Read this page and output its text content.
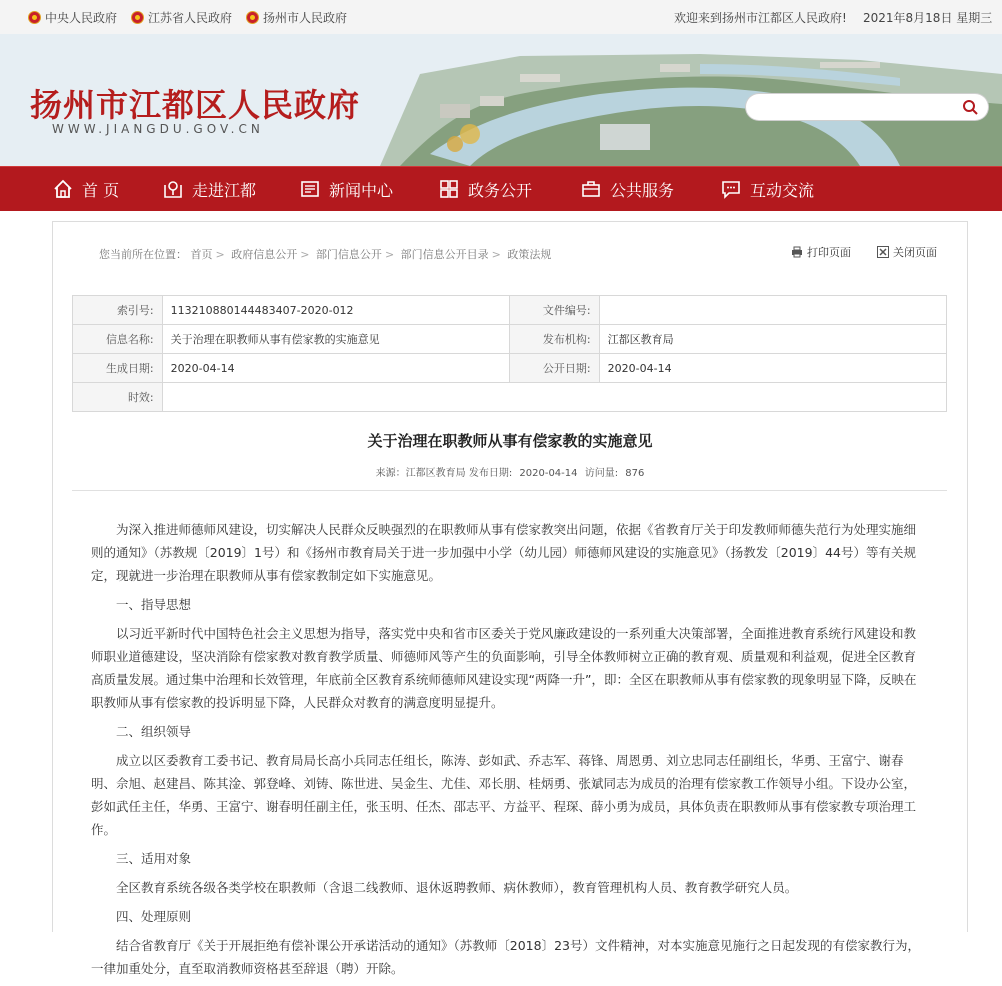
中央人民政府	江苏省人民政府	扬州市人民政府	欢迎来到扬州市江都区人民政府! 2021年8月18日 星期三
扬州市江都区人民政府
WWW.JIANGDU.GOV.CN
首 页	走进江都	新闻中心	政务公开	公共服务	互动交流
您当前所在位置： 首页 > 政府信息公开 > 部门信息公开 > 部门信息公开目录 > 政策法规	打印页面	关闭页面
索引号:	113210880144483407-2020-012	文件编号:	
信息名称:	关于治理在职教师从事有偿家教的实施意见	发布机构:	江都区教育局
生成日期:	2020-04-14	公开日期:	2020-04-14
时效:			
关于治理在职教师从事有偿家教的实施意见
来源：江都区教育局 发布日期: 2020-04-14 访问量: 876

为深入推进师德师风建设，切实解决人民群众反映强烈的在职教师从事有偿家教突出问题，依据《省教育厅关于印发教师师德失范行为处理实施细则的通知》（苏教规〔2019〕1号）和《扬州市教育局关于进一步加强中小学（幼儿园）师德师风建设的实施意见》（扬教发〔2019〕44号）等有关规定，现就进一步治理在职教师从事有偿家教制定如下实施意见。

一、指导思想

以习近平新时代中国特色社会主义思想为指导，落实党中央和省市区委关于党风廉政建设的一系列重大决策部署，全面推进教育系统行风建设和教师职业道德建设，坚决消除有偿家教对教育教学质量、师德师风等产生的负面影响，引导全体教师树立正确的教育观、质量观和利益观，促进全区教育高质量发展。通过集中治理和长效管理，年底前全区教育系统师德师风建设实现“两降一升”，即：全区在职教师从事有偿家教的现象明显下降，反映在职教师从事有偿家教的投诉明显下降，人民群众对教育的满意度明显提升。

二、组织领导

成立以区委教育工委书记、教育局局长高小兵同志任组长，陈涛、彭如武、乔志军、蒋锋、周恩勇、刘立忠同志任副组长，华勇、王富宁、谢春明、佘旭、赵建昌、陈其淦、郭登峰、刘铸、陈世进、吴金生、尤佳、邓长朋、桂炳勇、张斌同志为成员的治理有偿家教工作领导小组。下设办公室，彭如武任主任，华勇、王富宁、谢春明任副主任，张玉明、任杰、邵志平、方益平、程琛、薛小勇为成员，具体负责在职教师从事有偿家教专项治理工作。

三、适用对象

全区教育系统各级各类学校在职教师（含退二线教师、退休返聘教师、病休教师），教育管理机构人员、教育教学研究人员。

四、处理原则

结合省教育厅《关于开展拒绝有偿补课公开承诺活动的通知》（苏教师〔2018〕23号）文件精神，对本实施意见施行之日起发现的有偿家教行为，一律加重处分，直至取消教师资格甚至辞退（聘）开除。
